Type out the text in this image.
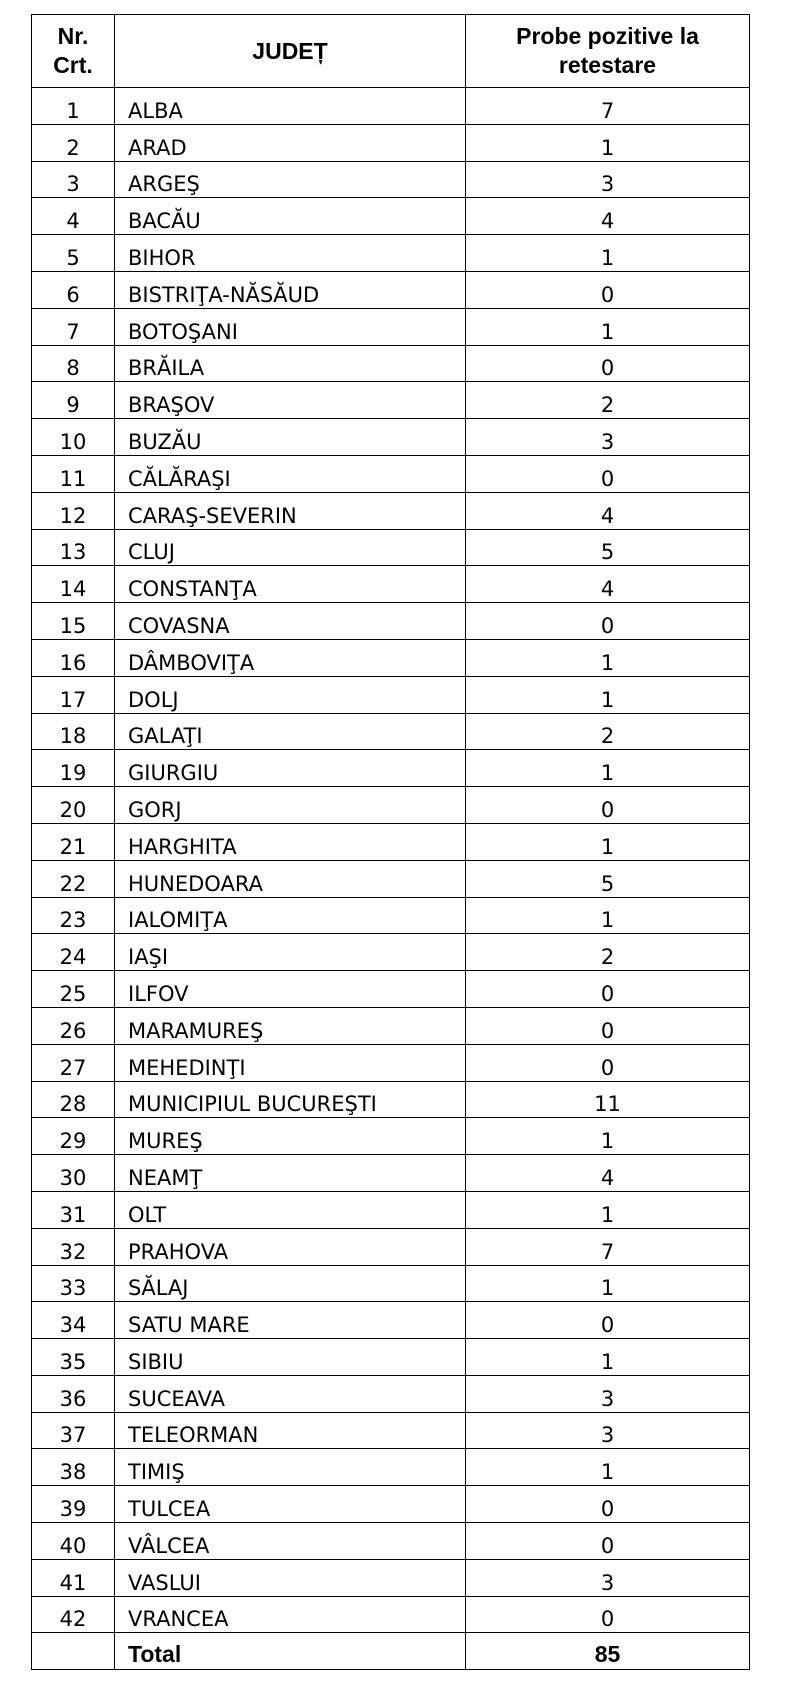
Nr.
Crt.	JUDEȚ	Probe pozitive la
retestare

1	ALBA	7
2	ARAD	1
3	ARGEŞ	3
4	BACĂU	4
5	BIHOR	1
6	BISTRIŢA-NĂSĂUD	0
7	BOTOŞANI	1
8	BRĂILA	0
9	BRAŞOV	2
10	BUZĂU	3
11	CĂLĂRAŞI	0
12	CARAŞ-SEVERIN	4
13	CLUJ	5
14	CONSTANŢA	4
15	COVASNA	0
16	DÂMBOVIŢA	1
17	DOLJ	1
18	GALAŢI	2
19	GIURGIU	1
20	GORJ	0
21	HARGHITA	1
22	HUNEDOARA	5
23	IALOMIŢA	1
24	IAŞI	2
25	ILFOV	0
26	MARAMUREŞ	0
27	MEHEDINŢI	0
28	MUNICIPIUL BUCUREŞTI	11
29	MUREŞ	1
30	NEAMŢ	4
31	OLT	1
32	PRAHOVA	7
33	SĂLAJ	1
34	SATU MARE	0
35	SIBIU	1
36	SUCEAVA	3
37	TELEORMAN	3
38	TIMIŞ	1
39	TULCEA	0
40	VÂLCEA	0
41	VASLUI	3
42	VRANCEA	0
	Total	85
